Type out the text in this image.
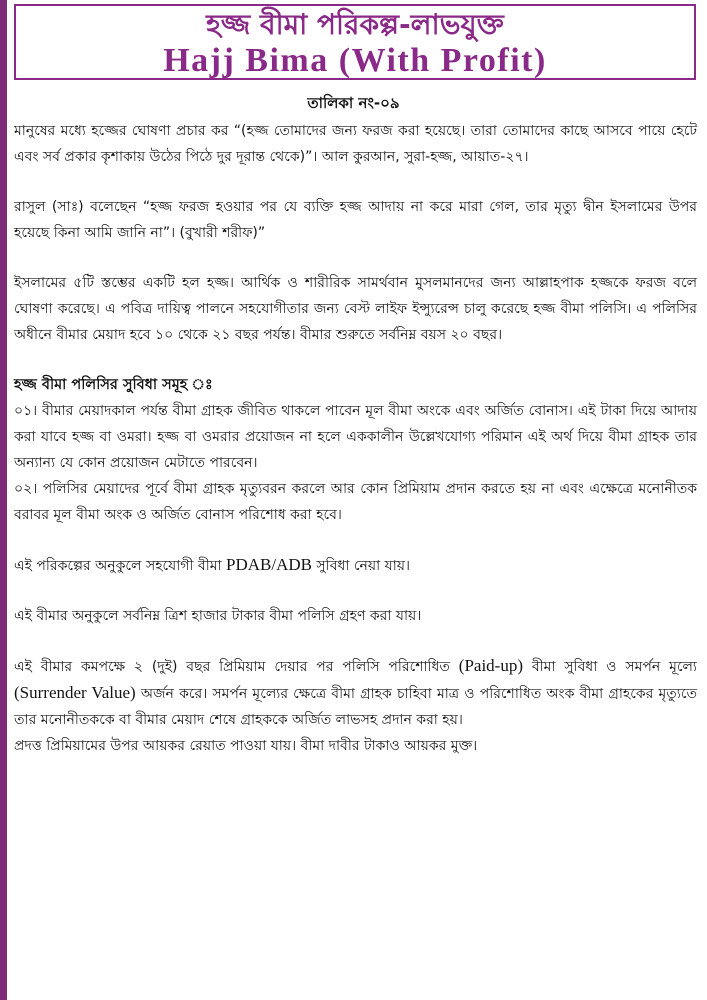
হজ্জ বীমা পরিকল্প-লাভযুক্ত
Hajj Bima (With Profit)
তালিকা নং-০৯

মানুষের মধ্যে হজ্জের ঘোষণা প্রচার কর “(হজ্জ তোমাদের জন্য ফরজ করা হয়েছে। তারা তোমাদের কাছে আসবে পায়ে হেটে এবং সর্ব প্রকার কৃশাকায় উঠের পিঠে দুর দূরান্ত থেকে)”। আল কুরআন, সুরা-হজ্জ, আয়াত-২৭।

রাসুল (সাঃ) বলেছেন “হজ্জ ফরজ হওয়ার পর যে ব্যক্তি হজ্জ আদায় না করে মারা গেল, তার মৃত্যু দ্বীন ইসলামের উপর হয়েছে কিনা আমি জানি না”। (বুখারী শরীফ)”

ইসলামের ৫টি স্তম্ভের একটি হল হজ্জ। আর্থিক ও শারীরিক সামর্থবান মুসলমানদের জন্য আল্লাহপাক হজ্জকে ফরজ বলে ঘোষণা করেছে। এ পবিত্র দায়িত্ব পালনে সহযোগীতার জন্য বেস্ট লাইফ ইন্স্যুরেন্স চালু করেছে হজ্জ বীমা পলিসি। এ পলিসির অধীনে বীমার মেয়াদ হবে ১০ থেকে ২১ বছর পর্যন্ত। বীমার শুরুতে সর্বনিম্ন বয়স ২০ বছর।

হজ্জ বীমা পলিসির সুবিধা সমূহ ঃ

০১। বীমার মেয়াদকাল পর্যন্ত বীমা গ্রাহক জীবিত থাকলে পাবেন মূল বীমা অংকে এবং অর্জিত বোনাস। এই টাকা দিয়ে আদায় করা যাবে হজ্জ বা ওমরা। হজ্জ বা ওমরার প্রয়োজন না হলে এককালীন উল্লেখযোগ্য পরিমান এই অর্থ দিয়ে বীমা গ্রাহক তার অন্যান্য যে কোন প্রয়োজন মেটাতে পারবেন।

০২। পলিসির মেয়াদের পূর্বে বীমা গ্রাহক মৃত্যুবরন করলে আর কোন প্রিমিয়াম প্রদান করতে হয় না এবং এক্ষেত্রে মনোনীতক বরাবর মূল বীমা অংক ও অর্জিত বোনাস পরিশোধ করা হবে।

এই পরিকল্পের অনুকুলে সহযোগী বীমা PDAB/ADB সুবিধা নেয়া যায়।

এই বীমার অনুকুলে সর্বনিম্ন ত্রিশ হাজার টাকার বীমা পলিসি গ্রহণ করা যায়।

এই বীমার কমপক্ষে ২ (দুই) বছর প্রিমিয়াম দেয়ার পর পলিসি পরিশোধিত (Paid-up) বীমা সুবিধা ও সমর্পন মূল্যে (Surrender Value) অর্জন করে। সমর্পন মূল্যের ক্ষেত্রে বীমা গ্রাহক চাহিবা মাত্র ও পরিশোধিত অংক বীমা গ্রাহকের মৃত্যুতে তার মনোনীতককে বা বীমার মেয়াদ শেষে গ্রাহককে অর্জিত লাভসহ প্রদান করা হয়।

প্রদত্ত প্রিমিয়ামের উপর আয়কর রেয়াত পাওয়া যায়। বীমা দাবীর টাকাও আয়কর মুক্ত।
